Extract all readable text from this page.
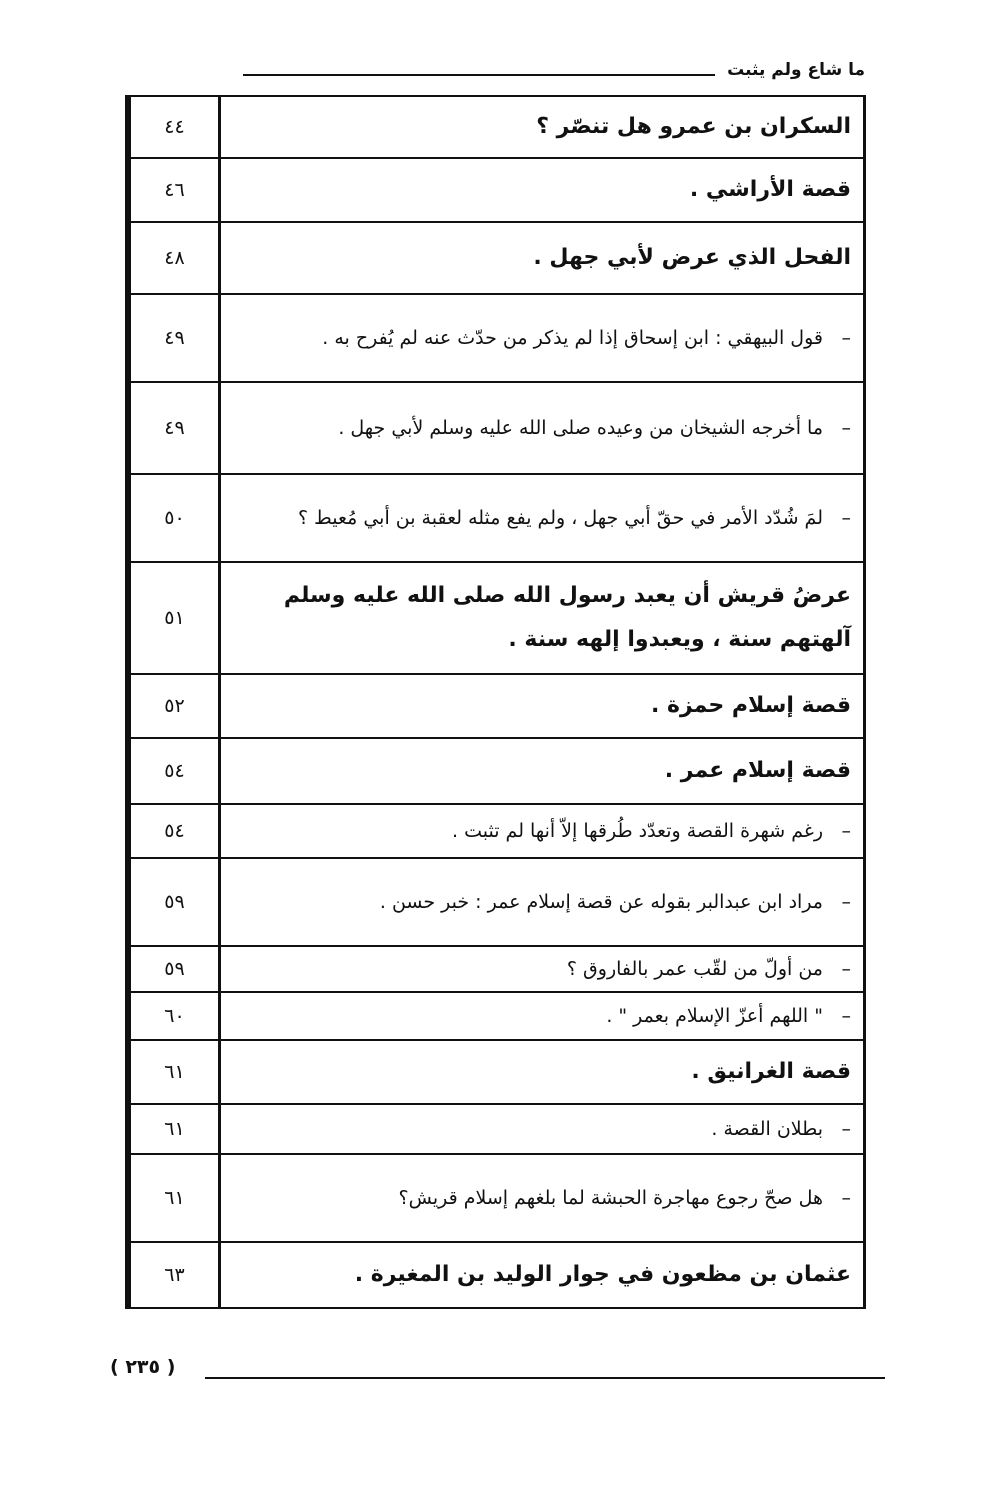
ما شاع ولم يثبت
السكران بن عمرو هل تنصّر ؟
٤٤
قصة الأراشي .
٤٦
الفحل الذي عرض لأبي جهل .
٤٨
–
قول البيهقي : ابن إسحاق إذا لم يذكر من حدّث عنه لم يُفرح به .
٤٩
–
ما أخرجه الشيخان من وعيده صلى الله عليه وسلم لأبي جهل .
٤٩
–
لمَ شُدّد الأمر في حقّ أبي جهل ، ولم يفع مثله لعقبة بن أبي مُعيط ؟
٥٠
عرضُ قريش أن يعبد رسول الله صلى الله عليه وسلم آلهتهم سنة ، ويعبدوا إلهه سنة .
٥١
قصة إسلام حمزة .
٥٢
قصة إسلام عمر .
٥٤
–
رغم شهرة القصة وتعدّد طُرقها إلاّ أنها لم تثبت .
٥٤
–
مراد ابن عبدالبر بقوله عن قصة إسلام عمر : خبر حسن .
٥٩
–
من أولّ من لقّب عمر بالفاروق ؟
٥٩
–
" اللهم أعزّ الإسلام بعمر " .
٦٠
قصة الغرانيق .
٦١
–
بطلان القصة .
٦١
–
هل صحّ رجوع مهاجرة الحبشة لما بلغهم إسلام قريش؟
٦١
عثمان بن مظعون في جوار الوليد بن المغيرة .
٦٣
( ٢٣٥ )
